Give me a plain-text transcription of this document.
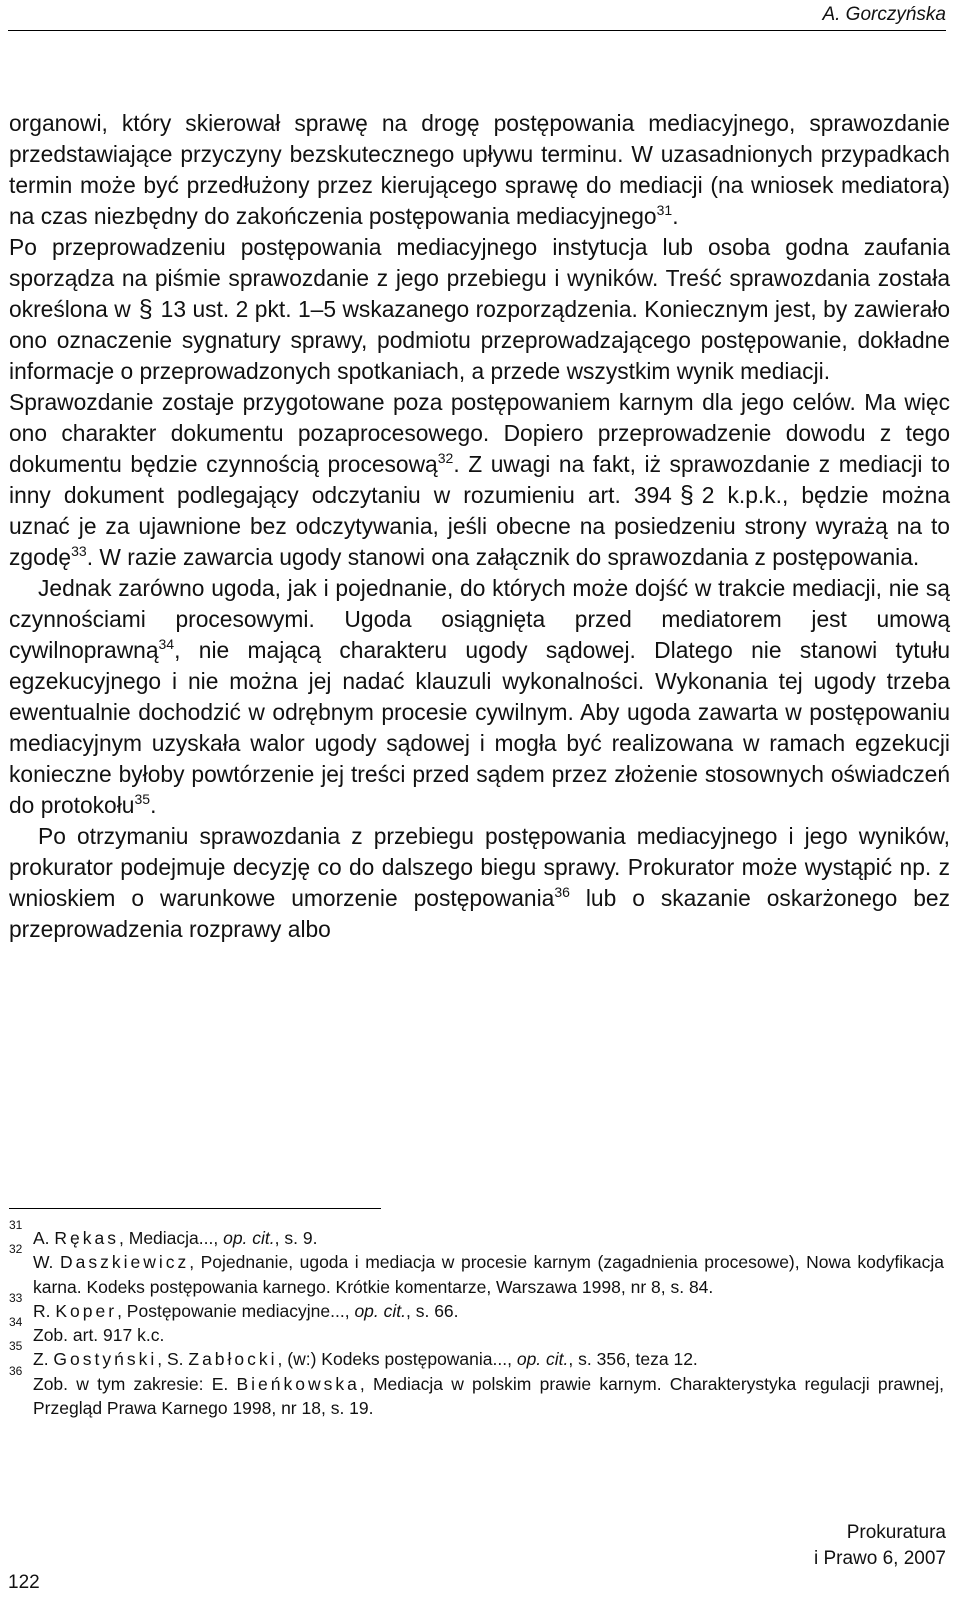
A. Gorczyńska

organowi, który skierował sprawę na drogę postępowania mediacyjnego, sprawozdanie przedstawiające przyczyny bezskutecznego upływu terminu. W uzasadnionych przypadkach termin może być przedłużony przez kierującego sprawę do mediacji (na wniosek mediatora) na czas niezbędny do zakończenia postępowania mediacyjnego$^{31}$.

Po przeprowadzeniu postępowania mediacyjnego instytucja lub osoba godna zaufania sporządza na piśmie sprawozdanie z jego przebiegu i wyników. Treść sprawozdania została określona w § 13 ust. 2 pkt. 1–5 wskazanego rozporządzenia. Koniecznym jest, by zawierało ono oznaczenie sygnatury sprawy, podmiotu przeprowadzającego postępowanie, dokładne informacje o przeprowadzonych spotkaniach, a przede wszystkim wynik mediacji.

Sprawozdanie zostaje przygotowane poza postępowaniem karnym dla jego celów. Ma więc ono charakter dokumentu pozaprocesowego. Dopiero przeprowadzenie dowodu z tego dokumentu będzie czynnością procesową$^{32}$. Z uwagi na fakt, iż sprawozdanie z mediacji to inny dokument podlegający odczytaniu w rozumieniu art. 394 § 2 k.p.k., będzie można uznać je za ujawnione bez odczytywania, jeśli obecne na posiedzeniu strony wyrażą na to zgodę$^{33}$. W razie zawarcia ugody stanowi ona załącznik do sprawozdania z postępowania.

Jednak zarówno ugoda, jak i pojednanie, do których może dojść w trakcie mediacji, nie są czynnościami procesowymi. Ugoda osiągnięta przed mediatorem jest umową cywilnoprawną$^{34}$, nie mającą charakteru ugody sądowej. Dlatego nie stanowi tytułu egzekucyjnego i nie można jej nadać klauzuli wykonalności. Wykonania tej ugody trzeba ewentualnie dochodzić w odrębnym procesie cywilnym. Aby ugoda zawarta w postępowaniu mediacyjnym uzyskała walor ugody sądowej i mogła być realizowana w ramach egzekucji konieczne byłoby powtórzenie jej treści przed sądem przez złożenie stosownych oświadczeń do protokołu$^{35}$.

Po otrzymaniu sprawozdania z przebiegu postępowania mediacyjnego i jego wyników, prokurator podejmuje decyzję co do dalszego biegu sprawy. Prokurator może wystąpić np. z wnioskiem o warunkowe umorzenie postępowania$^{36}$ lub o skazanie oskarżonego bez przeprowadzenia rozprawy albo

31
A. Rękas, Mediacja..., op. cit., s. 9.
32
W. Daszkiewicz, Pojednanie, ugoda i mediacja w procesie karnym (zagadnienia procesowe), Nowa kodyfikacja karna. Kodeks postępowania karnego. Krótkie komentarze, Warszawa 1998, nr 8, s. 84.
33
R. Koper, Postępowanie mediacyjne..., op. cit., s. 66.
34
Zob. art. 917 k.c.
35
Z. Gostyński, S. Zabłocki, (w:) Kodeks postępowania..., op. cit., s. 356, teza 12.
36
Zob. w tym zakresie: E. Bieńkowska, Mediacja w polskim prawie karnym. Charakterystyka regulacji prawnej, Przegląd Prawa Karnego 1998, nr 18, s. 19.
122
Prokuratura
i Prawo 6, 2007
